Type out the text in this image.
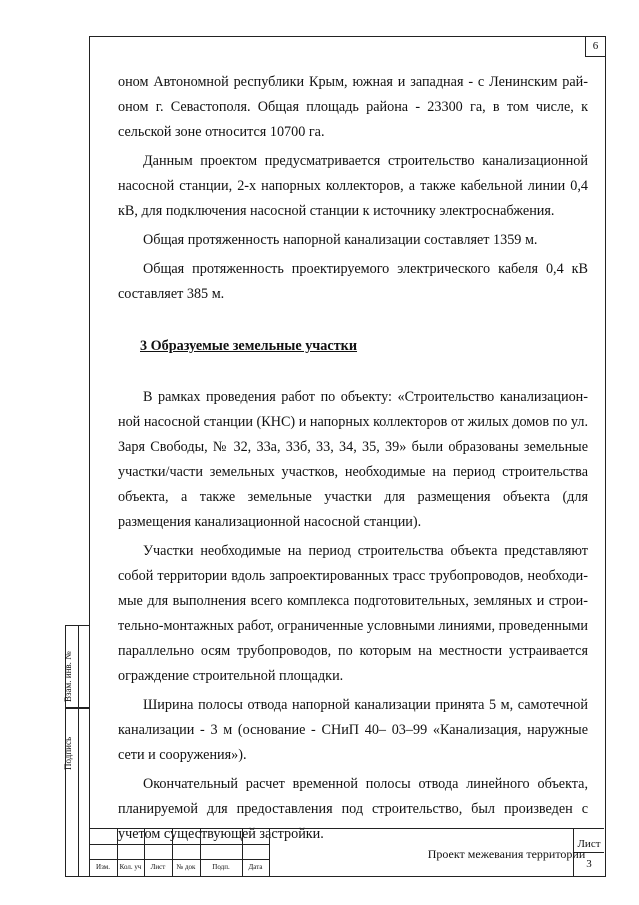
6

оном Автономной республики Крым, южная и западная - с Ленинским рай-оном г. Севастополя. Общая площадь района - 23300 га, в том числе, к сельской зоне относится 10700 га.

Данным проектом предусматривается строительство канализационной насосной станции, 2-х напорных коллекторов, а также кабельной линии 0,4 кВ, для подключения насосной станции к источнику электроснабжения.

Общая протяженность напорной канализации составляет 1359 м.

Общая протяженность проектируемого электрического кабеля 0,4 кВ составляет 385 м.

3 Образуемые земельные участки

В рамках проведения работ по объекту: «Строительство канализацион-ной насосной станции (КНС) и напорных коллекторов от жилых домов по ул. Заря Свободы, № 32, 33а, 33б, 33, 34, 35, 39» были образованы земельные участки/части земельных участков, необходимые на период строительства объекта, а также земельные участки для размещения объекта (для размещения канализационной насосной станции).

Участки необходимые на период строительства объекта представляют собой территории вдоль запроектированных трасс трубопроводов, необходи-мые для выполнения всего комплекса подготовительных, земляных и строи-тельно-монтажных работ, ограниченные условными линиями, проведенными параллельно осям трубопроводов, по которым на местности устраивается ограждение строительной площадки.

Ширина полосы отвода напорной канализации принята 5 м, самотечной канализации - 3 м (основание - СНиП 40– 03–99 «Канализация, наружные сети и сооружения»).

Окончательный расчет временной полосы отвода линейного объекта, планируемой для предоставления под строительство, был произведен с учетом существующей застройки.

Взам. инв. №
Подпись
Изм.	Кол. уч	Лист	№ док	Подп.	Дата
Проект межевания территории
Лист
3
